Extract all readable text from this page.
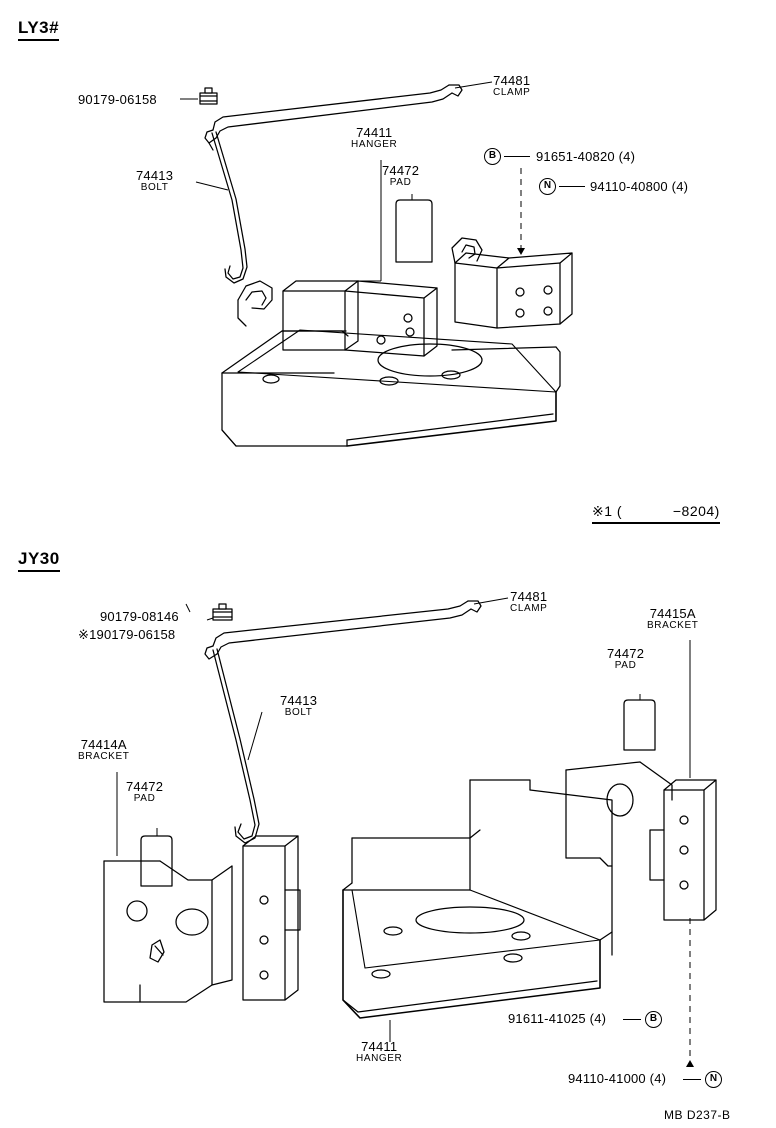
LY3#
90179-06158
74481
CLAMP
74411
HANGER
74472
PAD
74413
BOLT
B	91651-40820 (4)
N	94110-40800 (4)
※1 (	−8204)
JY30
90179-08146
※190179-06158
74481
CLAMP	74415A
BRACKET
74472
PAD
74413
BOLT
74414A
BRACKET
74472
PAD
74411
HANGER
91611-41025 (4)	B
94110-41000 (4)	N
MB D237-B
